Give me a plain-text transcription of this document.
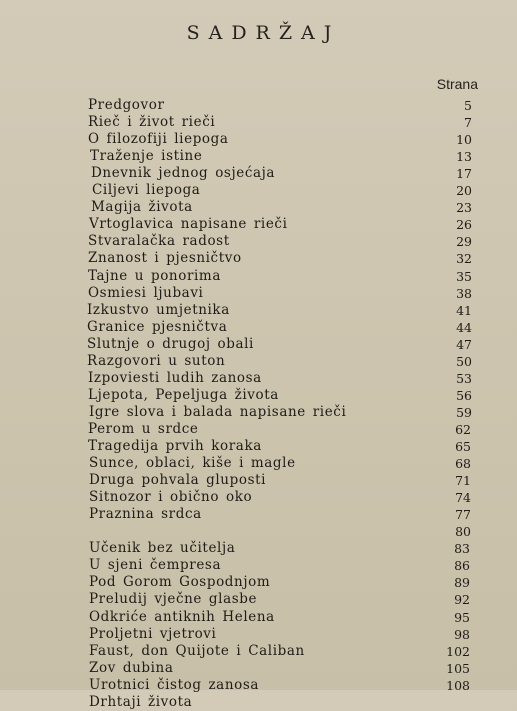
SADRŽAJ
Strana
Predgovor	5
Rieč i život rieči	7
O filozofiji liepoga	10
Traženje istine	13
Dnevnik jednog osjećaja	17
Ciljevi liepoga	20
Magija života	23
Vrtoglavica napisane rieči	26
Stvaralačka radost	29
Znanost i pjesničtvo	32
Tajne u ponorima	35
Osmiesi ljubavi	38
Izkustvo umjetnika	41
Granice pjesničtva	44
Slutnje o drugoj obali	47
Razgovori u suton	50
Izpoviesti ludih zanosa	53
Ljepota, Pepeljuga života	56
Igre slova i balada napisane rieči	59
Perom u srdce	62
Tragedija prvih koraka	65
Sunce, oblaci, kiše i magle	68
Druga pohvala gluposti	71
Sitnozor i obično oko	74
Praznina srdca	77
80
Učenik bez učitelja	83
U sjeni čempresa	86
Pod Gorom Gospodnjom	89
Preludij vječne glasbe	92
Odkriće antiknih Helena	95
Proljetni vjetrovi	98
Faust, don Quijote i Caliban	102
Zov dubina	105
Urotnici čistog zanosa	108
Drhtaji života
